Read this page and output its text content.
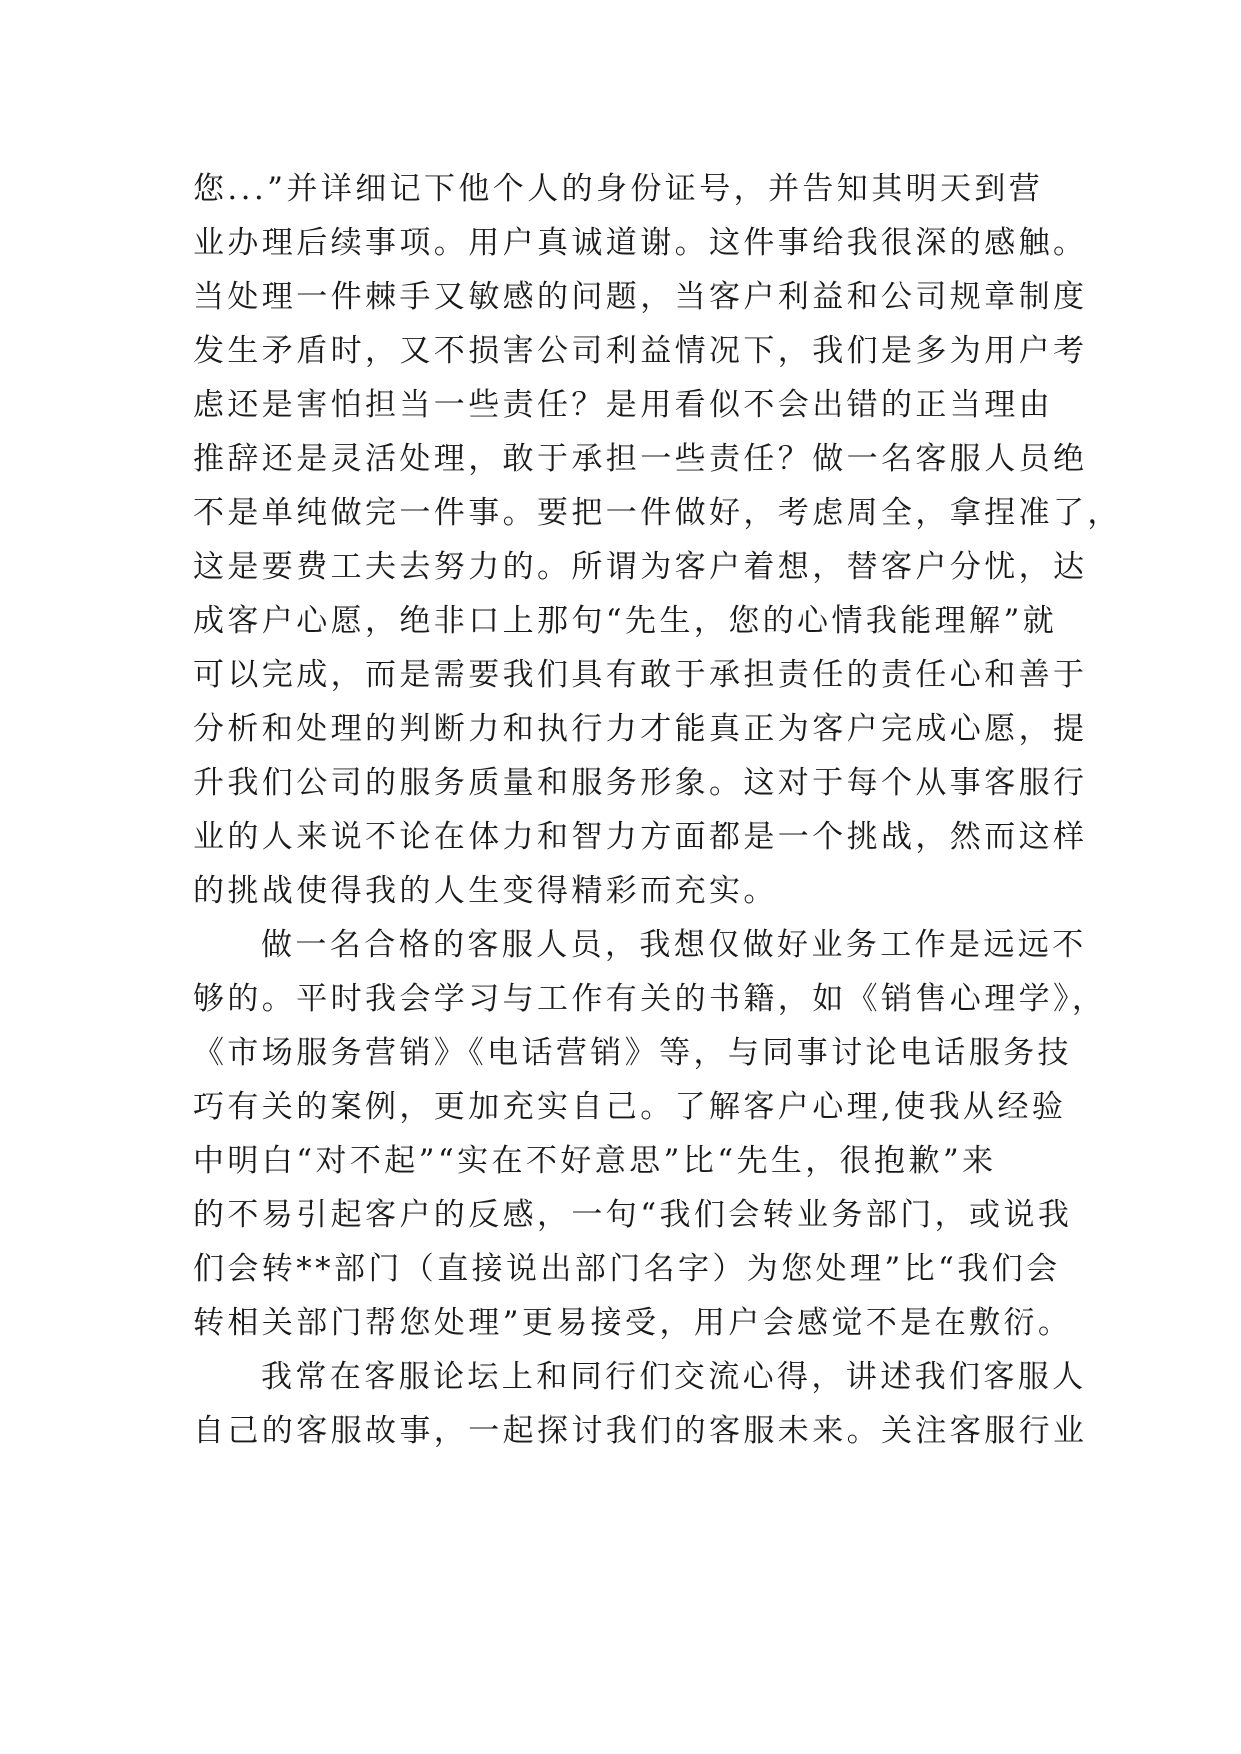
您...”并详细记下他个人的身份证号，并告知其明天到营
业办理后续事项。用户真诚道谢。这件事给我很深的感触。
当处理一件棘手又敏感的问题，当客户利益和公司规章制度
发生矛盾时，又不损害公司利益情况下，我们是多为用户考
虑还是害怕担当一些责任？是用看似不会出错的正当理由
推辞还是灵活处理，敢于承担一些责任？做一名客服人员绝
不是单纯做完一件事。要把一件做好，考虑周全，拿捏准了，
这是要费工夫去努力的。所谓为客户着想，替客户分忧，达
成客户心愿，绝非口上那句“先生，您的心情我能理解”就
可以完成，而是需要我们具有敢于承担责任的责任心和善于
分析和处理的判断力和执行力才能真正为客户完成心愿，提
升我们公司的服务质量和服务形象。这对于每个从事客服行
业的人来说不论在体力和智力方面都是一个挑战，然而这样
的挑战使得我的人生变得精彩而充实。
做一名合格的客服人员，我想仅做好业务工作是远远不
够的。平时我会学习与工作有关的书籍，如《销售心理学》，
《市场服务营销》《电话营销》等，与同事讨论电话服务技
巧有关的案例，更加充实自己。了解客户心理,使我从经验
中明白“对不起”“实在不好意思”比“先生，很抱歉”来
的不易引起客户的反感，一句“我们会转业务部门，或说我
们会转**部门（直接说出部门名字）为您处理”比“我们会
转相关部门帮您处理”更易接受，用户会感觉不是在敷衍。
我常在客服论坛上和同行们交流心得，讲述我们客服人
自己的客服故事，一起探讨我们的客服未来。关注客服行业
